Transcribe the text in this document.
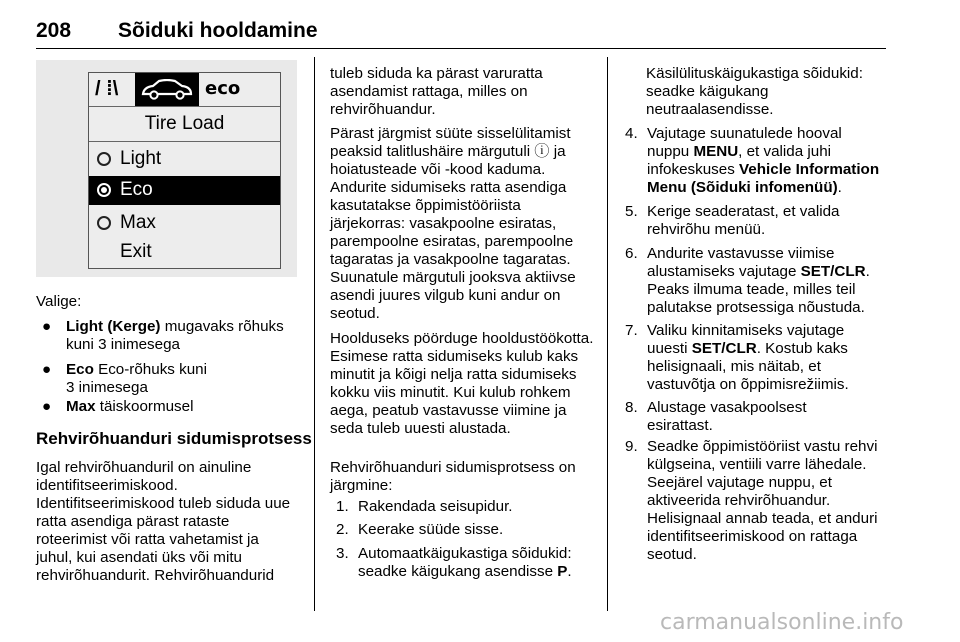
208 Sõiduki hooldamine
/ ⁞\	eco
Tire Load
Light
Eco
Max
Exit
Valige:
● Light (Kerge) mugavaks rõhuks kuni 3 inimesega
● Eco Eco-rõhuks kuni 3 inimesega
● Max täiskoormusel
Rehvirõhuanduri sidumisprotsess
Igal rehvirõhuanduril on ainuline identifitseerimiskood. Identifitseerimiskood tuleb siduda uue ratta asendiga pärast rataste roteerimist või ratta vahetamist ja juhul, kui asendati üks või mitu rehvirõhuandurit. Rehvirõhuandurid
tuleb siduda ka pärast varuratta asendamist rattaga, milles on rehvirõhuandur.
Pärast järgmist süüte sisselülitamist peaksid talitlushäire märgutuli ⓘ ja hoiatusteade või -kood kaduma. Andurite sidumiseks ratta asendiga kasutatakse õppimistööriista järjekorras: vasakpoolne esiratas, parempoolne esiratas, parempoolne tagaratas ja vasakpoolne tagaratas. Suunatule märgutuli jooksva aktiivse asendi juures vilgub kuni andur on seotud.
Hoolduseks pöörduge hooldustöökotta. Esimese ratta sidumiseks kulub kaks minutit ja kõigi nelja ratta sidumiseks kokku viis minutit. Kui kulub rohkem aega, peatub vastavusse viimine ja seda tuleb uuesti alustada.
Rehvirõhuanduri sidumisprotsess on järgmine:
1. Rakendada seisupidur.
2. Keerake süüde sisse.
3. Automaatkäigukastiga sõidukid: seadke käigukang asendisse P.
Käsilülituskäigukastiga sõidukid: seadke käigukang neutraalasendisse.
4. Vajutage suunatulede hooval nuppu MENU, et valida juhi infokeskuses Vehicle Information Menu (Sõiduki infomenüü).
5. Kerige seaderatast, et valida rehvirõhu menüü.
6. Andurite vastavusse viimise alustamiseks vajutage SET/CLR. Peaks ilmuma teade, milles teil palutakse protsessiga nõustuda.
7. Valiku kinnitamiseks vajutage uuesti SET/CLR. Kostub kaks helisignaali, mis näitab, et vastuvõtja on õppimisrežiimis.
8. Alustage vasakpoolsest esirattast.
9. Seadke õppimistööriist vastu rehvi külgseina, ventiili varre lähedale. Seejärel vajutage nuppu, et aktiveerida rehvirõhuandur. Helisignaal annab teada, et anduri identifitseerimiskood on rattaga seotud.
carmanualsonline.info
